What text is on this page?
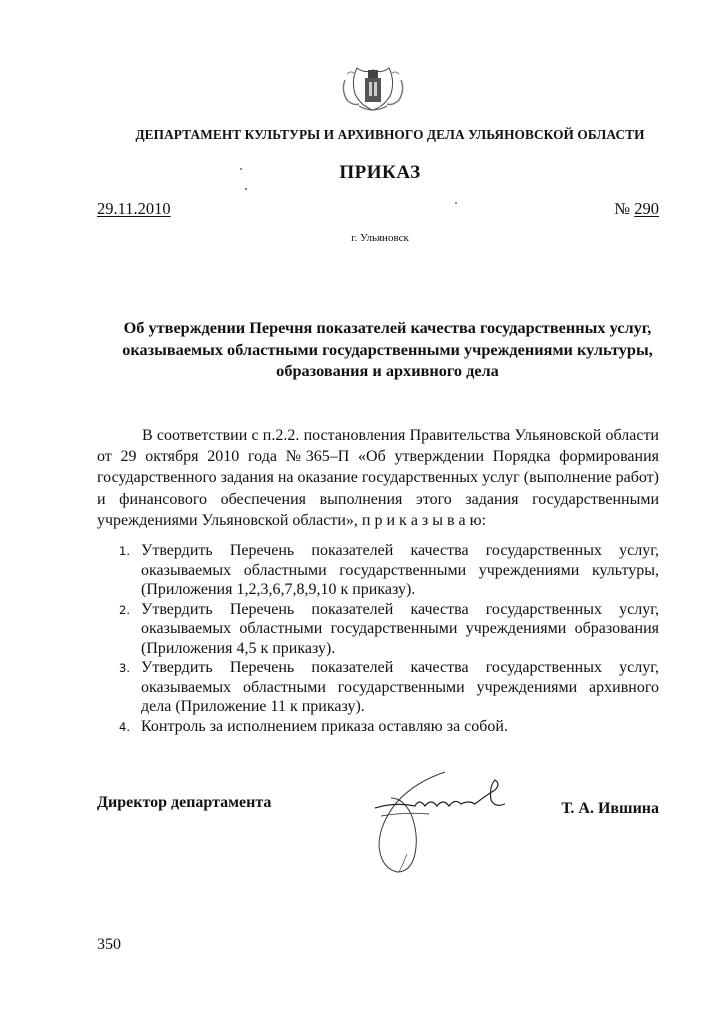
ДЕПАРТАМЕНТ КУЛЬТУРЫ И АРХИВНОГО ДЕЛА УЛЬЯНОВСКОЙ ОБЛАСТИ
ПРИКАЗ
29.11.2010	№ 290
г. Ульяновск
Об утверждении Перечня показателей качества государственных услуг, оказываемых областными государственными учреждениями культуры, образования и архивного дела
В соответствии с п.2.2. постановления Правительства Ульяновской области от 29 октября 2010 года №365–П «Об утверждении Порядка формирования государственного задания на оказание государственных услуг (выполнение работ) и финансового обеспечения выполнения этого задания государственными учреждениями Ульяновской области», п р и к а з ы в а ю:
1. Утвердить Перечень показателей качества государственных услуг, оказываемых областными государственными учреждениями культуры, (Приложения 1,2,3,6,7,8,9,10 к приказу).
2. Утвердить Перечень показателей качества государственных услуг, оказываемых областными государственными учреждениями образования (Приложения 4,5 к приказу).
3. Утвердить Перечень показателей качества государственных услуг, оказываемых областными государственными учреждениями архивного дела (Приложение 11 к приказу).
4. Контроль за исполнением приказа оставляю за собой.
Директор департамента	Т. А. Ившина
350
